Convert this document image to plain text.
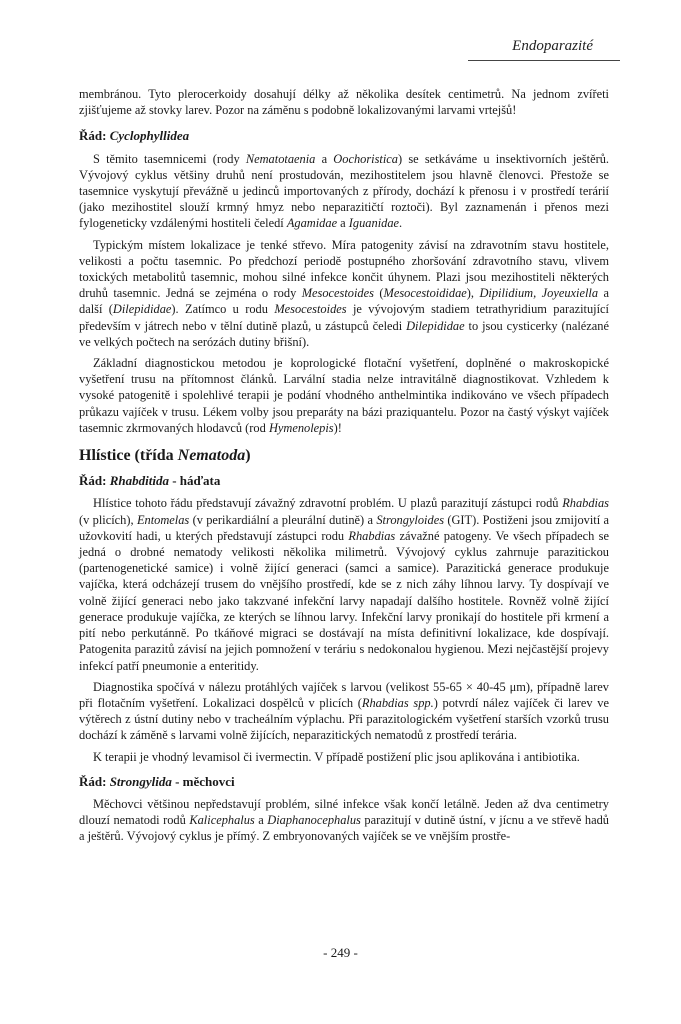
Endoparazité

membránou. Tyto plerocerkoidy dosahují délky až několika desítek centimetrů. Na jednom zvířeti zjišťujeme až stovky larev. Pozor na záměnu s podobně lokalizovanými larvami vrtejšů!

Řád: Cyclophyllidea

S těmito tasemnicemi (rody Nematotaenia a Oochoristica) se setkáváme u insektivorních ještěrů. Vývojový cyklus většiny druhů není prostudován, mezihostitelem jsou hlavně členovci. Přestože se tasemnice vyskytují převážně u jedinců importovaných z přírody, dochází k přenosu i v prostředí terárií (jako mezihostitel slouží krmný hmyz nebo neparazitičtí roztoči). Byl zaznamenán i přenos mezi fylogeneticky vzdálenými hostiteli čeledí Agamidae a Iguanidae.

Typickým místem lokalizace je tenké střevo. Míra patogenity závisí na zdravotním stavu hostitele, velikosti a počtu tasemnic. Po předchozí periodě postupného zhoršování zdravotního stavu, vlivem toxických metabolitů tasemnic, mohou silné infekce končit úhynem. Plazi jsou mezihostiteli některých druhů tasemnic. Jedná se zejména o rody Mesocestoides (Mesocestoididae), Dipilidium, Joyeuxiella a další (Dilepididae). Zatímco u rodu Mesocestoides je vývojovým stadiem tetrathyridium parazitující především v játrech nebo v tělní dutině plazů, u zástupců čeledi Dilepididae to jsou cysticerky (nalézané ve velkých počtech na serózách dutiny břišní).

Základní diagnostickou metodou je koprologické flotační vyšetření, doplněné o makroskopické vyšetření trusu na přítomnost článků. Larvální stadia nelze intravitálně diagnostikovat. Vzhledem k vysoké patogenitě i spolehlivé terapii je podání vhodného anthelmintika indikováno ve všech případech průkazu vajíček v trusu. Lékem volby jsou preparáty na bázi praziquantelu. Pozor na častý výskyt vajíček tasemnic zkrmovaných hlodavců (rod Hymenolepis)!

Hlístice (třída Nematoda)
Řád: Rhabditida - háďata

Hlístice tohoto řádu představují závažný zdravotní problém. U plazů parazitují zástupci rodů Rhabdias (v plicích), Entomelas (v perikardiální a pleurální dutině) a Strongyloides (GIT). Postiženi jsou zmijovití a užovkovití hadi, u kterých představují zástupci rodu Rhabdias závažné patogeny. Ve všech případech se jedná o drobné nematody velikosti několika milimetrů. Vývojový cyklus zahrnuje parazitickou (partenogenetické samice) i volně žijící generaci (samci a samice). Parazitická generace produkuje vajíčka, která odcházejí trusem do vnějšího prostředí, kde se z nich záhy líhnou larvy. Ty dospívají ve volně žijící generaci nebo jako takzvané infekční larvy napadají dalšího hostitele. Rovněž volně žijící generace produkuje vajíčka, ze kterých se líhnou larvy. Infekční larvy pronikají do hostitele při krmení a pití nebo perkutánně. Po tkáňové migraci se dostávají na místa definitivní lokalizace, kde dospívají. Patogenita parazitů závisí na jejich pomnožení v teráriu s nedokonalou hygienou. Mezi nejčastější projevy infekcí patří pneumonie a enteritidy.

Diagnostika spočívá v nálezu protáhlých vajíček s larvou (velikost 55-65 × 40-45 μm), případně larev při flotačním vyšetření. Lokalizaci dospělců v plicích (Rhabdias spp.) potvrdí nález vajíček či larev ve výtěrech z ústní dutiny nebo v tracheálním výplachu. Při parazitologickém vyšetření starších vzorků trusu dochází k záměně s larvami volně žijících, neparazitických nematodů z prostředí terária.

K terapii je vhodný levamisol či ivermectin. V případě postižení plic jsou aplikována i antibiotika.

Řád: Strongylida - měchovci

Měchovci většinou nepředstavují problém, silné infekce však končí letálně. Jeden až dva centimetry dlouzí nematodi rodů Kalicephalus a Diaphanocephalus parazitují v dutině ústní, v jícnu a ve střevě hadů a ještěrů. Vývojový cyklus je přímý. Z embryonovaných vajíček se ve vnějším prostře-

- 249 -
